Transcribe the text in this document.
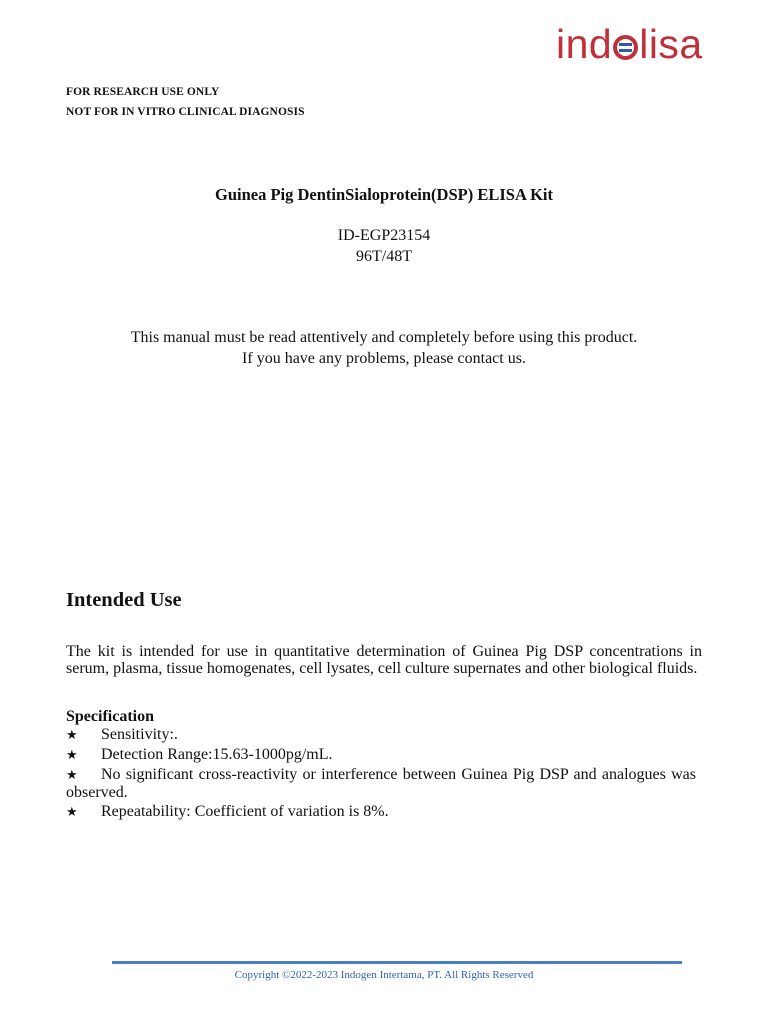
ind lisa
FOR RESEARCH USE ONLY
NOT FOR IN VITRO CLINICAL DIAGNOSIS
Guinea Pig DentinSialoprotein(DSP) ELISA Kit
ID-EGP23154
96T/48T
This manual must be read attentively and completely before using this product.
If you have any problems, please contact us.
Intended Use
The kit is intended for use in quantitative determination of Guinea Pig DSP concentrations in serum, plasma, tissue homogenates, cell lysates, cell culture supernates and other biological fluids.
Specification
★ Sensitivity:.
★ Detection Range:15.63-1000pg/mL.
★ No significant cross-reactivity or interference between Guinea Pig DSP and analogues was observed.
★ Repeatability: Coefficient of variation is 8%.
Copyright ©2022-2023 Indogen Intertama, PT. All Rights Reserved
